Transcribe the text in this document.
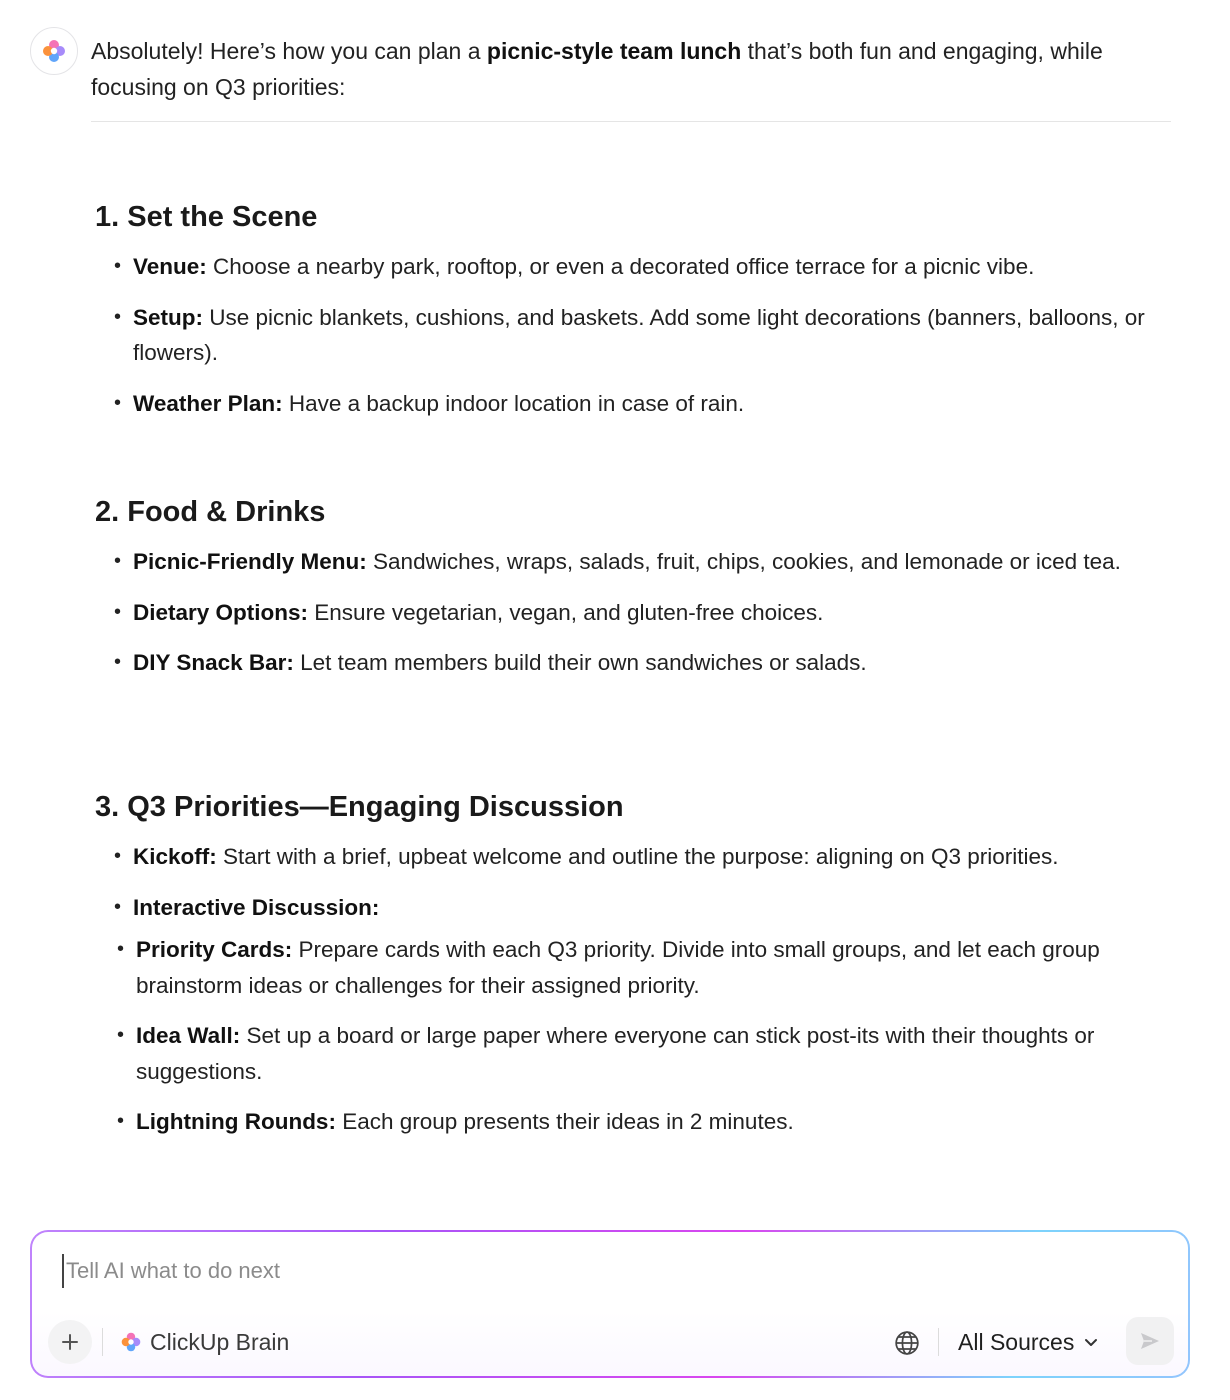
Absolutely! Here’s how you can plan a picnic-style team lunch that’s both fun and engaging, while focusing on Q3 priorities:

1. Set the Scene
• Venue: Choose a nearby park, rooftop, or even a decorated office terrace for a picnic vibe.
• Setup: Use picnic blankets, cushions, and baskets. Add some light decorations (banners, balloons, or flowers).
• Weather Plan: Have a backup indoor location in case of rain.
2. Food & Drinks
• Picnic-Friendly Menu: Sandwiches, wraps, salads, fruit, chips, cookies, and lemonade or iced tea.
• Dietary Options: Ensure vegetarian, vegan, and gluten-free choices.
• DIY Snack Bar: Let team members build their own sandwiches or salads.
3. Q3 Priorities—Engaging Discussion
• Kickoff: Start with a brief, upbeat welcome and outline the purpose: aligning on Q3 priorities.
• Interactive Discussion:
• Priority Cards: Prepare cards with each Q3 priority. Divide into small groups, and let each group brainstorm ideas or challenges for their assigned priority.
• Idea Wall: Set up a board or large paper where everyone can stick post-its with their thoughts or suggestions.
• Lightning Rounds: Each group presents their ideas in 2 minutes.
Tell AI what to do next
ClickUp Brain	All Sources
